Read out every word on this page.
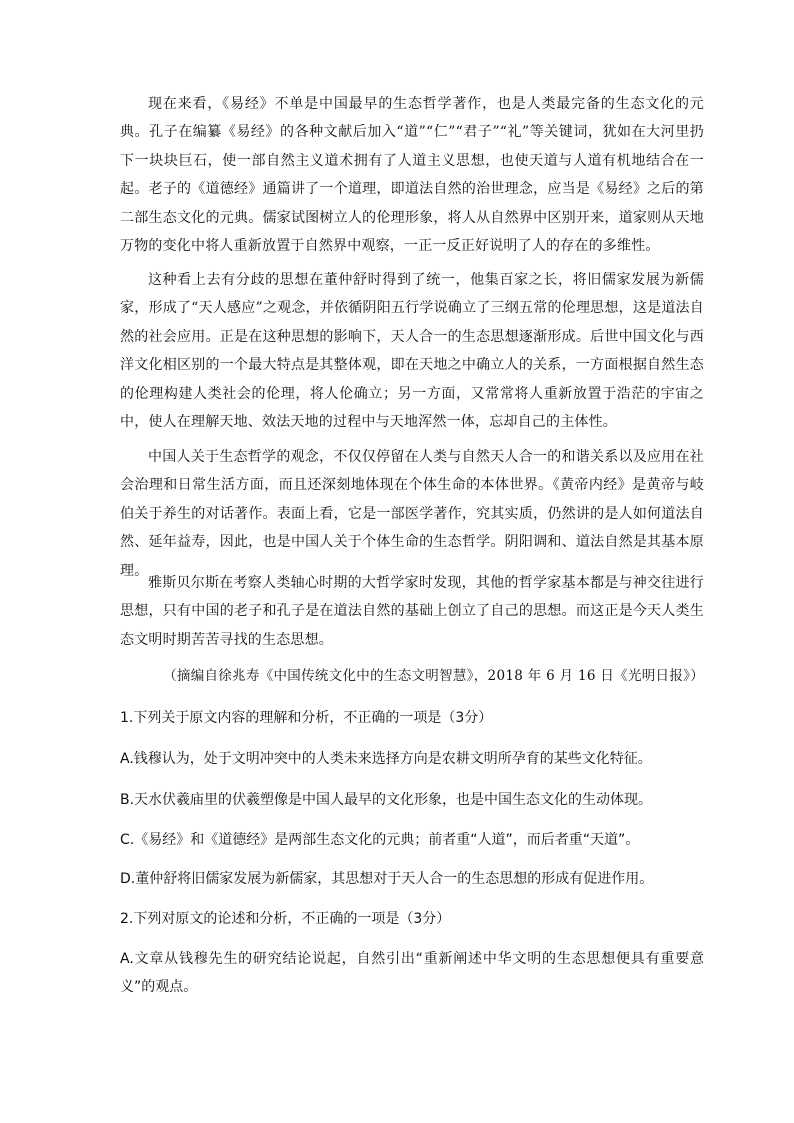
现在来看，《易经》不单是中国最早的生态哲学著作，也是人类最完备的生态文化的元典。孔子在编纂《易经》的各种文献后加入“道”“仁”“君子”“礼”等关键词，犹如在大河里扔下一块块巨石，使一部自然主义道术拥有了人道主义思想，也使天道与人道有机地结合在一起。老子的《道德经》通篇讲了一个道理，即道法自然的治世理念，应当是《易经》之后的第二部生态文化的元典。儒家试图树立人的伦理形象，将人从自然界中区别开来，道家则从天地万物的变化中将人重新放置于自然界中观察，一正一反正好说明了人的存在的多维性。

这种看上去有分歧的思想在董仲舒时得到了统一，他集百家之长，将旧儒家发展为新儒家，形成了“天人感应”之观念，并依循阴阳五行学说确立了三纲五常的伦理思想，这是道法自然的社会应用。正是在这种思想的影响下，天人合一的生态思想逐渐形成。后世中国文化与西洋文化相区别的一个最大特点是其整体观，即在天地之中确立人的关系，一方面根据自然生态的伦理构建人类社会的伦理，将人伦确立；另一方面，又常常将人重新放置于浩茫的宇宙之中，使人在理解天地、效法天地的过程中与天地浑然一体，忘却自己的主体性。

中国人关于生态哲学的观念，不仅仅停留在人类与自然天人合一的和谐关系以及应用在社会治理和日常生活方面，而且还深刻地体现在个体生命的本体世界。《黄帝内经》是黄帝与岐伯关于养生的对话著作。表面上看，它是一部医学著作，究其实质，仍然讲的是人如何道法自然、延年益寿，因此，也是中国人关于个体生命的生态哲学。阴阳调和、道法自然是其基本原理。

雅斯贝尔斯在考察人类轴心时期的大哲学家时发现，其他的哲学家基本都是与神交往进行思想，只有中国的老子和孔子是在道法自然的基础上创立了自己的思想。而这正是今天人类生态文明时期苦苦寻找的生态思想。

（摘编自徐兆寿《中国传统文化中的生态文明智慧》，2018 年 6 月 16 日《光明日报》）

1.下列关于原文内容的理解和分析，不正确的一项是（3分）

A.钱穆认为，处于文明冲突中的人类未来选择方向是农耕文明所孕育的某些文化特征。

B.天水伏羲庙里的伏羲塑像是中国人最早的文化形象，也是中国生态文化的生动体现。

C.《易经》和《道德经》是两部生态文化的元典；前者重“人道”，而后者重“天道”。

D.董仲舒将旧儒家发展为新儒家，其思想对于天人合一的生态思想的形成有促进作用。

2.下列对原文的论述和分析，不正确的一项是（3分）

A.文章从钱穆先生的研究结论说起，自然引出“重新阐述中华文明的生态思想便具有重要意义”的观点。
